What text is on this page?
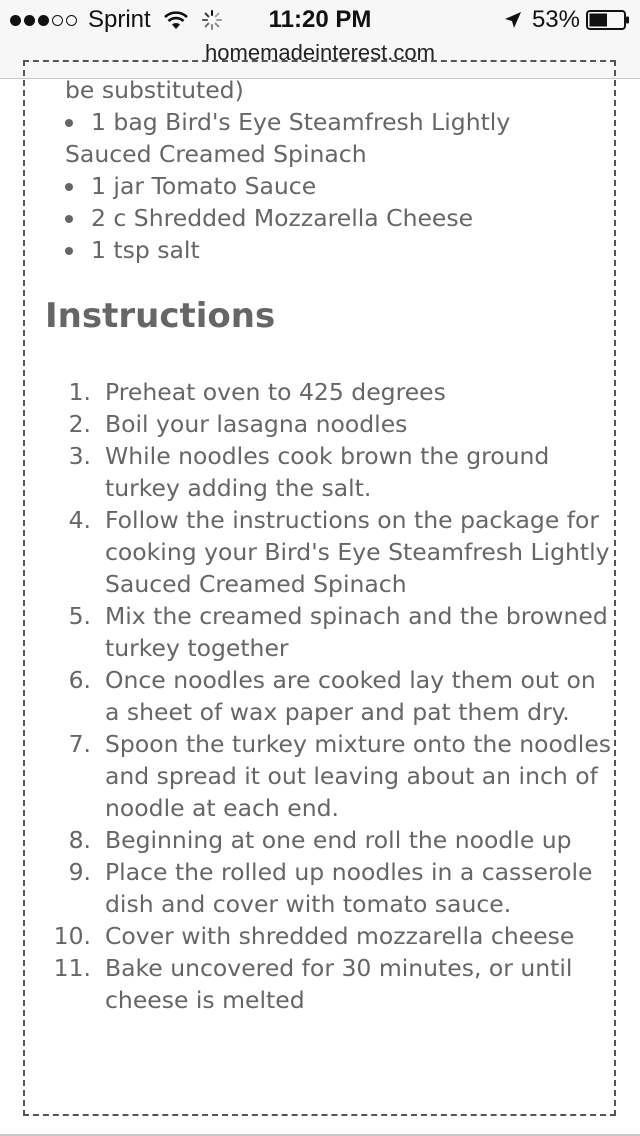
Sprint	11:20 PM	53%
homemadeinterest.com
be substituted)
1 bag Bird's Eye Steamfresh Lightly
Sauced Creamed Spinach
1 jar Tomato Sauce
2 c Shredded Mozzarella Cheese
1 tsp salt
Instructions
1. Preheat oven to 425 degrees
2. Boil your lasagna noodles
3. While noodles cook brown the ground turkey adding the salt.
4. Follow the instructions on the package for cooking your Bird's Eye Steamfresh Lightly Sauced Creamed Spinach
5. Mix the creamed spinach and the browned turkey together
6. Once noodles are cooked lay them out on a sheet of wax paper and pat them dry.
7. Spoon the turkey mixture onto the noodles and spread it out leaving about an inch of noodle at each end.
8. Beginning at one end roll the noodle up
9. Place the rolled up noodles in a casserole dish and cover with tomato sauce.
10. Cover with shredded mozzarella cheese
11. Bake uncovered for 30 minutes, or until cheese is melted
